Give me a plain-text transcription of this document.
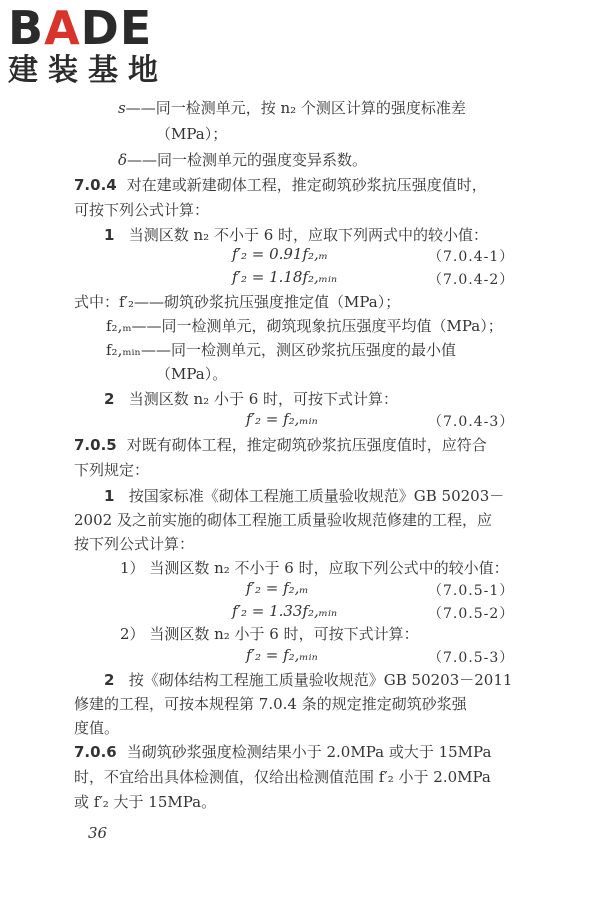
BADE
建装基地
s——同一检测单元，按 n₂ 个测区计算的强度标准差
（MPa）；
δ——同一检测单元的强度变异系数。
7.0.4 对在建或新建砌体工程，推定砌筑砂浆抗压强度值时，
可按下列公式计算：
1 当测区数 n₂ 不小于 6 时，应取下列两式中的较小值：
f′₂ = 0.91f₂,ₘ	（7.0.4-1）
f′₂ = 1.18f₂,ₘᵢₙ	（7.0.4-2）
式中：f′₂——砌筑砂浆抗压强度推定值（MPa）；
f₂,ₘ——同一检测单元，砌筑现象抗压强度平均值（MPa）；
f₂,ₘᵢₙ——同一检测单元，测区砂浆抗压强度的最小值
（MPa）。
2 当测区数 n₂ 小于 6 时，可按下式计算：
f′₂ = f₂,ₘᵢₙ	（7.0.4-3）
7.0.5 对既有砌体工程，推定砌筑砂浆抗压强度值时，应符合
下列规定：
1 按国家标准《砌体工程施工质量验收规范》GB 50203－
2002 及之前实施的砌体工程施工质量验收规范修建的工程，应
按下列公式计算：
1） 当测区数 n₂ 不小于 6 时，应取下列公式中的较小值：
f′₂ = f₂,ₘ	（7.0.5-1）
f′₂ = 1.33f₂,ₘᵢₙ	（7.0.5-2）
2） 当测区数 n₂ 小于 6 时，可按下式计算：
f′₂ = f₂,ₘᵢₙ	（7.0.5-3）
2 按《砌体结构工程施工质量验收规范》GB 50203－2011
修建的工程，可按本规程第 7.0.4 条的规定推定砌筑砂浆强
度值。
7.0.6 当砌筑砂浆强度检测结果小于 2.0MPa 或大于 15MPa
时，不宜给出具体检测值，仅给出检测值范围 f′₂ 小于 2.0MPa
或 f′₂ 大于 15MPa。
36
